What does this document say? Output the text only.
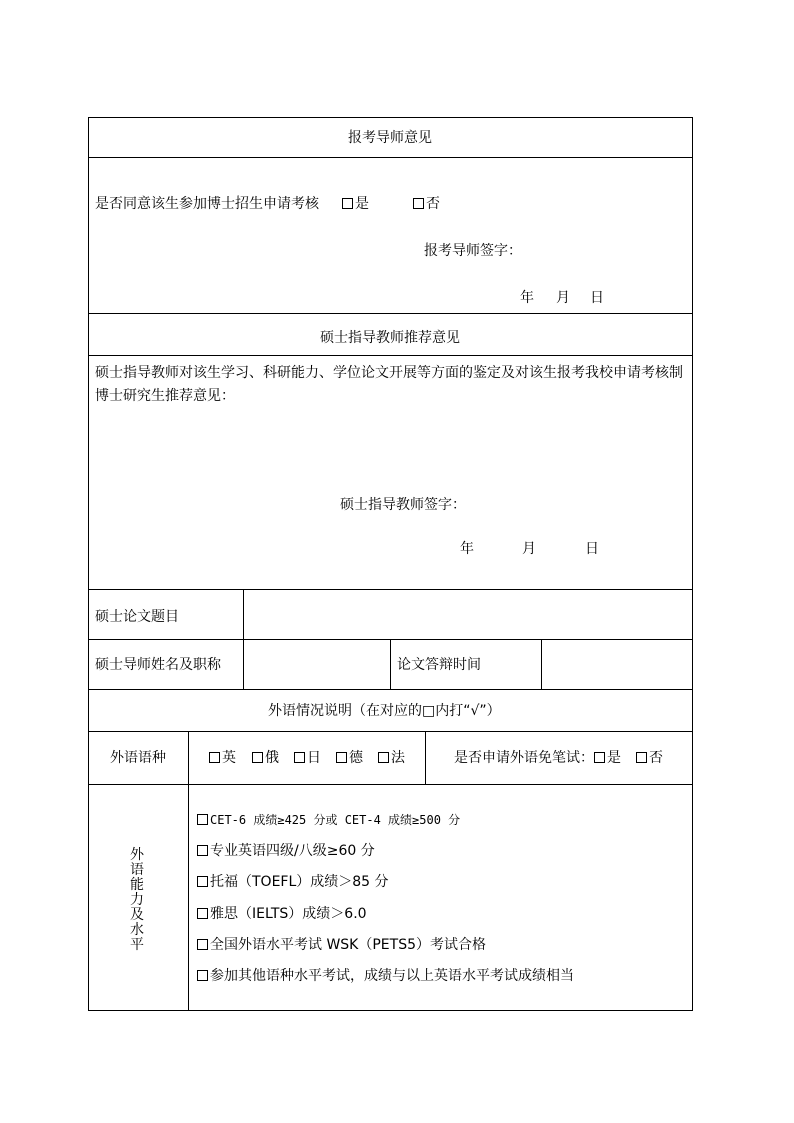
报考导师意见
是否同意该生参加博士招生申请考核	是	否
报考导师签字：
年 月 日
硕士指导教师推荐意见
硕士指导教师对该生学习、科研能力、学位论文开展等方面的鉴定及对该生报考我校申请考核制博士研究生推荐意见：
硕士指导教师签字：
年	月	日
硕士论文题目
硕士导师姓名及职称	论文答辩时间
外语情况说明（在对应的□内打“√”）
外语语种	英	俄	日	德	法	是否申请外语免笔试： 是	否
外语能力及水平
CET-6 成绩≥425 分或 CET-4 成绩≥500 分
专业英语四级/八级≥60 分
托福（TOEFL）成绩＞85 分
雅思（IELTS）成绩＞6.0
全国外语水平考试 WSK（PETS5）考试合格
参加其他语种水平考试，成绩与以上英语水平考试成绩相当
